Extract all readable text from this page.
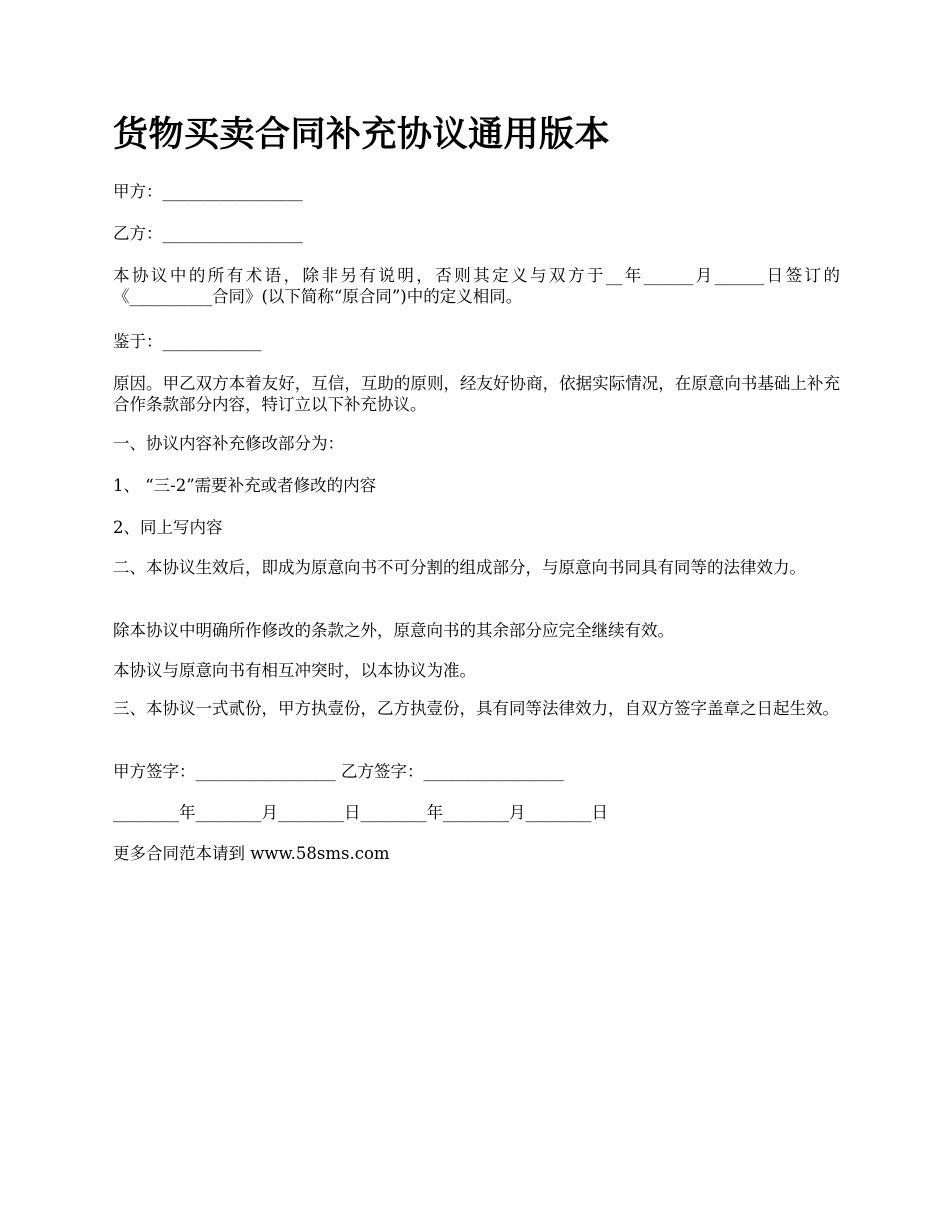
货物买卖合同补充协议通用版本

甲方：_________________

乙方：_________________

本协议中的所有术语，除非另有说明，否则其定义与双方于__年______月______日签订的《__________合同》(以下简称“原合同”)中的定义相同。

鉴于：____________

原因。甲乙双方本着友好，互信，互助的原则，经友好协商，依据实际情况，在原意向书基础上补充合作条款部分内容，特订立以下补充协议。

一、协议内容补充修改部分为：

1、 “三-2”需要补充或者修改的内容

2、同上写内容

二、本协议生效后，即成为原意向书不可分割的组成部分，与原意向书同具有同等的法律效力。

除本协议中明确所作修改的条款之外，原意向书的其余部分应完全继续有效。

本协议与原意向书有相互冲突时，以本协议为准。

三、本协议一式贰份，甲方执壹份，乙方执壹份，具有同等法律效力，自双方签字盖章之日起生效。

甲方签字：_________________ 乙方签字：_________________

________年________月________日________年________月________日

更多合同范本请到 www.58sms.com
